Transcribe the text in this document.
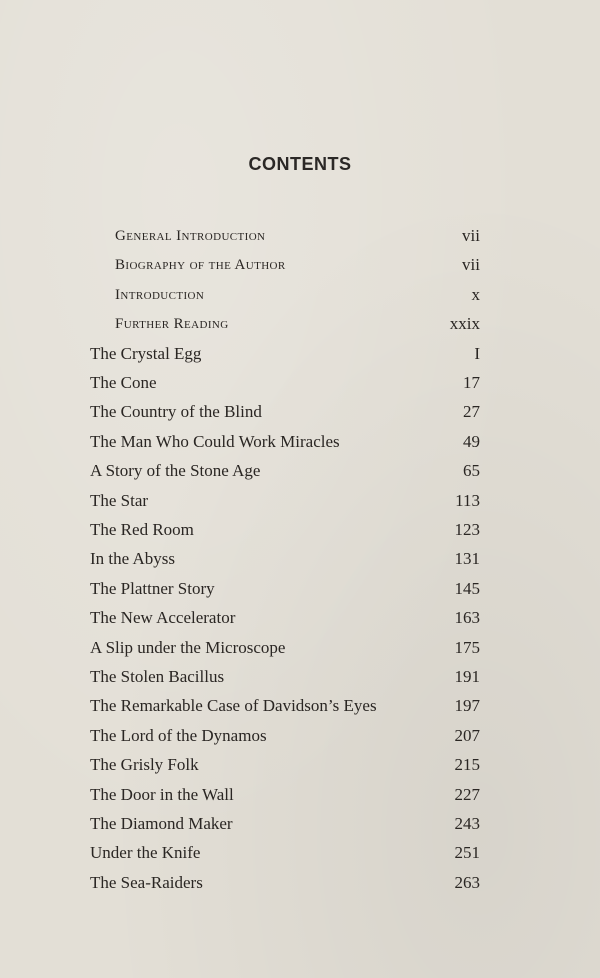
CONTENTS
General Introduction	vii
Biography of the Author	vii
Introduction	x
Further Reading	xxix
The Crystal Egg	I
The Cone	17
The Country of the Blind	27
The Man Who Could Work Miracles	49
A Story of the Stone Age	65
The Star	113
The Red Room	123
In the Abyss	131
The Plattner Story	145
The New Accelerator	163
A Slip under the Microscope	175
The Stolen Bacillus	191
The Remarkable Case of Davidson’s Eyes	197
The Lord of the Dynamos	207
The Grisly Folk	215
The Door in the Wall	227
The Diamond Maker	243
Under the Knife	251
The Sea-Raiders	263
